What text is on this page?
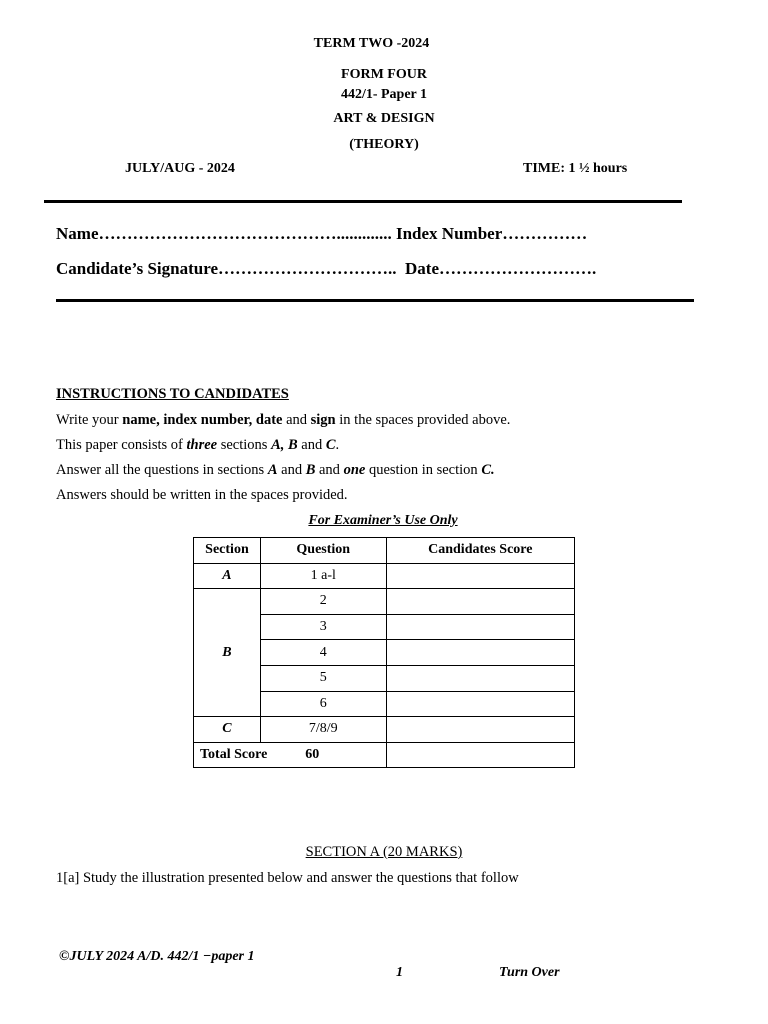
TERM TWO -2024
FORM FOUR
442/1- Paper 1
ART & DESIGN
(THEORY)
JULY/AUG - 2024	TIME: 1 ½ hours
Name……………………………………............. Index Number……………
Candidate’s Signature………………………….. Date……………………….
INSTRUCTIONS TO CANDIDATES
Write your name, index number, date and sign in the spaces provided above.
This paper consists of three sections A, B and C.
Answer all the questions in sections A and B and one question in section C.
Answers should be written in the spaces provided.
For Examiner’s Use Only
Section	Question	Candidates Score
A	1 a-l	
B	2	
	3	
	4	
	5	
	6	
C	7/8/9	
Total Score 60		
SECTION A (20 MARKS)
1[a] Study the illustration presented below and answer the questions that follow
©JULY 2024 A/D. 442/1 −paper 1
1	Turn Over
